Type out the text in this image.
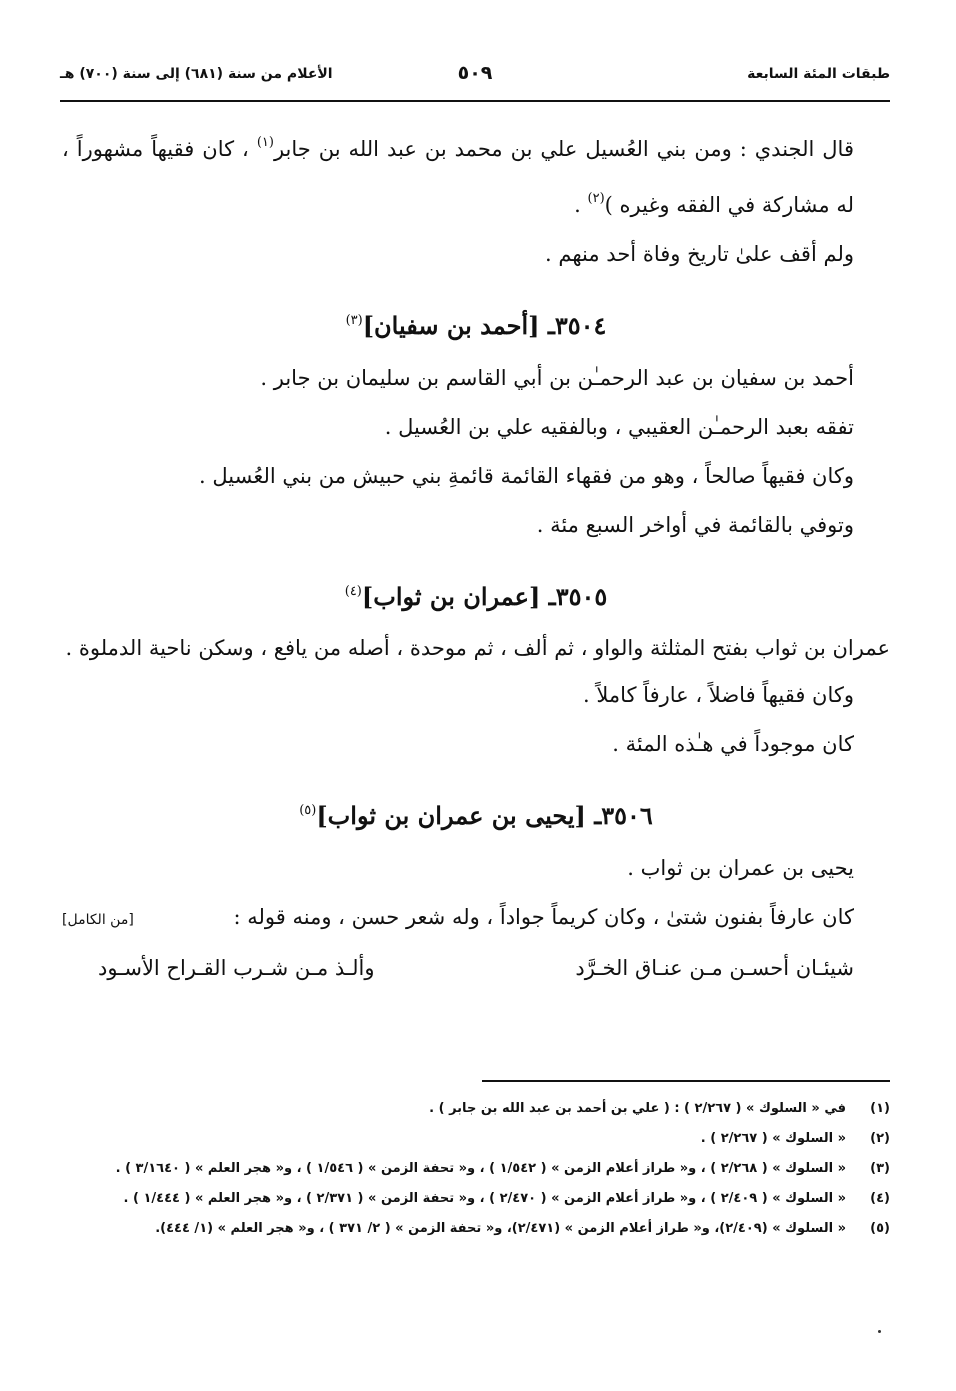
طبقات المئة السابعة
٥٠٩
الأعلام من سنة (٦٨١) إلى سنة (٧٠٠) هـ

قال الجندي : ومن بني العُسيل علي بن محمد بن عبد الله بن جابر$^{(١)}$ ، كان فقيهاً مشهوراً ، له مشاركة في الفقه وغيره )$^{(٢)}$ .

ولم أقف علىٰ تاريخ وفاة أحد منهم .

٣٥٠٤ـ [أحمد بن سفيان]$^{(٣)}$

أحمد بن سفيان بن عبد الرحمـٰن بن أبي القاسم بن سليمان بن جابر .

تفقه بعبد الرحمـٰن العقيبي ، وبالفقيه علي بن العُسيل .

وكان فقيهاً صالحاً ، وهو من فقهاء القائمة قائمةِ بني حبيش من بني العُسيل .

وتوفي بالقائمة في أواخر السبع مئة .

٣٥٠٥ـ [عمران بن ثواب]$^{(٤)}$

عمران بن ثواب بفتح المثلثة والواو ، ثم ألف ، ثم موحدة ، أصله من يافع ، وسكن ناحية الدملوة .

وكان فقيهاً فاضلاً ، عارفاً كاملاً .

كان موجوداً في هـٰذه المئة .

٣٥٠٦ـ [يحيى بن عمران بن ثواب]$^{(٥)}$

يحيى بن عمران بن ثواب .

كان عارفاً بفنون شتىٰ ، وكان كريماً جواداً ، وله شعر حسن ، ومنه قوله :

[من الكامل]
شيئـان أحسـن مـن عنـاق الخـرَّد
وألـذ مـن شـرب القـراح الأسـود
(١)
في « السلوك » ( ٢/٢٦٧ ) : ( علي بن أحمد بن عبد الله بن جابر ) .
(٢)
« السلوك » ( ٢/٢٦٧ ) .
(٣)
« السلوك » ( ٢/٢٦٨ ) ، و« طراز أعلام الزمن » ( ١/٥٤٢ ) ، و« تحفة الزمن » ( ١/٥٤٦ ) ، و« هجر العلم » ( ٣/١٦٤٠ ) .
(٤)
« السلوك » ( ٢/٤٠٩ ) ، و« طراز أعلام الزمن » ( ٢/٤٧٠ ) ، و« تحفة الزمن » ( ٢/٣٧١ ) ، و« هجر العلم » ( ١/٤٤٤ ) .
(٥)
« السلوك » (٢/٤٠٩)، و« طراز أعلام الزمن » (٢/٤٧١)، و« تحفة الزمن » ( ٢/ ٣٧١ ) ، و« هجر العلم » (١/ ٤٤٤).
